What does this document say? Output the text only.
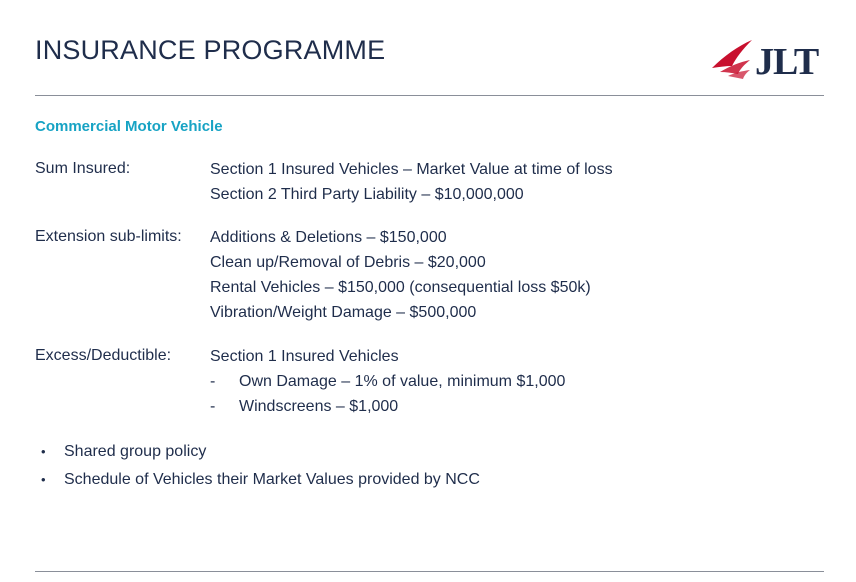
INSURANCE PROGRAMME	JLT
Commercial Motor Vehicle
Sum Insured:	Section 1 Insured Vehicles – Market Value at time of loss
Section 2 Third Party Liability – $10,000,000
Extension sub-limits: Additions & Deletions – $150,000
Clean up/Removal of Debris – $20,000
Rental Vehicles – $150,000 (consequential loss $50k)
Vibration/Weight Damage – $500,000
Excess/Deductible: Section 1 Insured Vehicles
- Own Damage – 1% of value, minimum $1,000
- Windscreens – $1,000
• Shared group policy
• Schedule of Vehicles their Market Values provided by NCC
